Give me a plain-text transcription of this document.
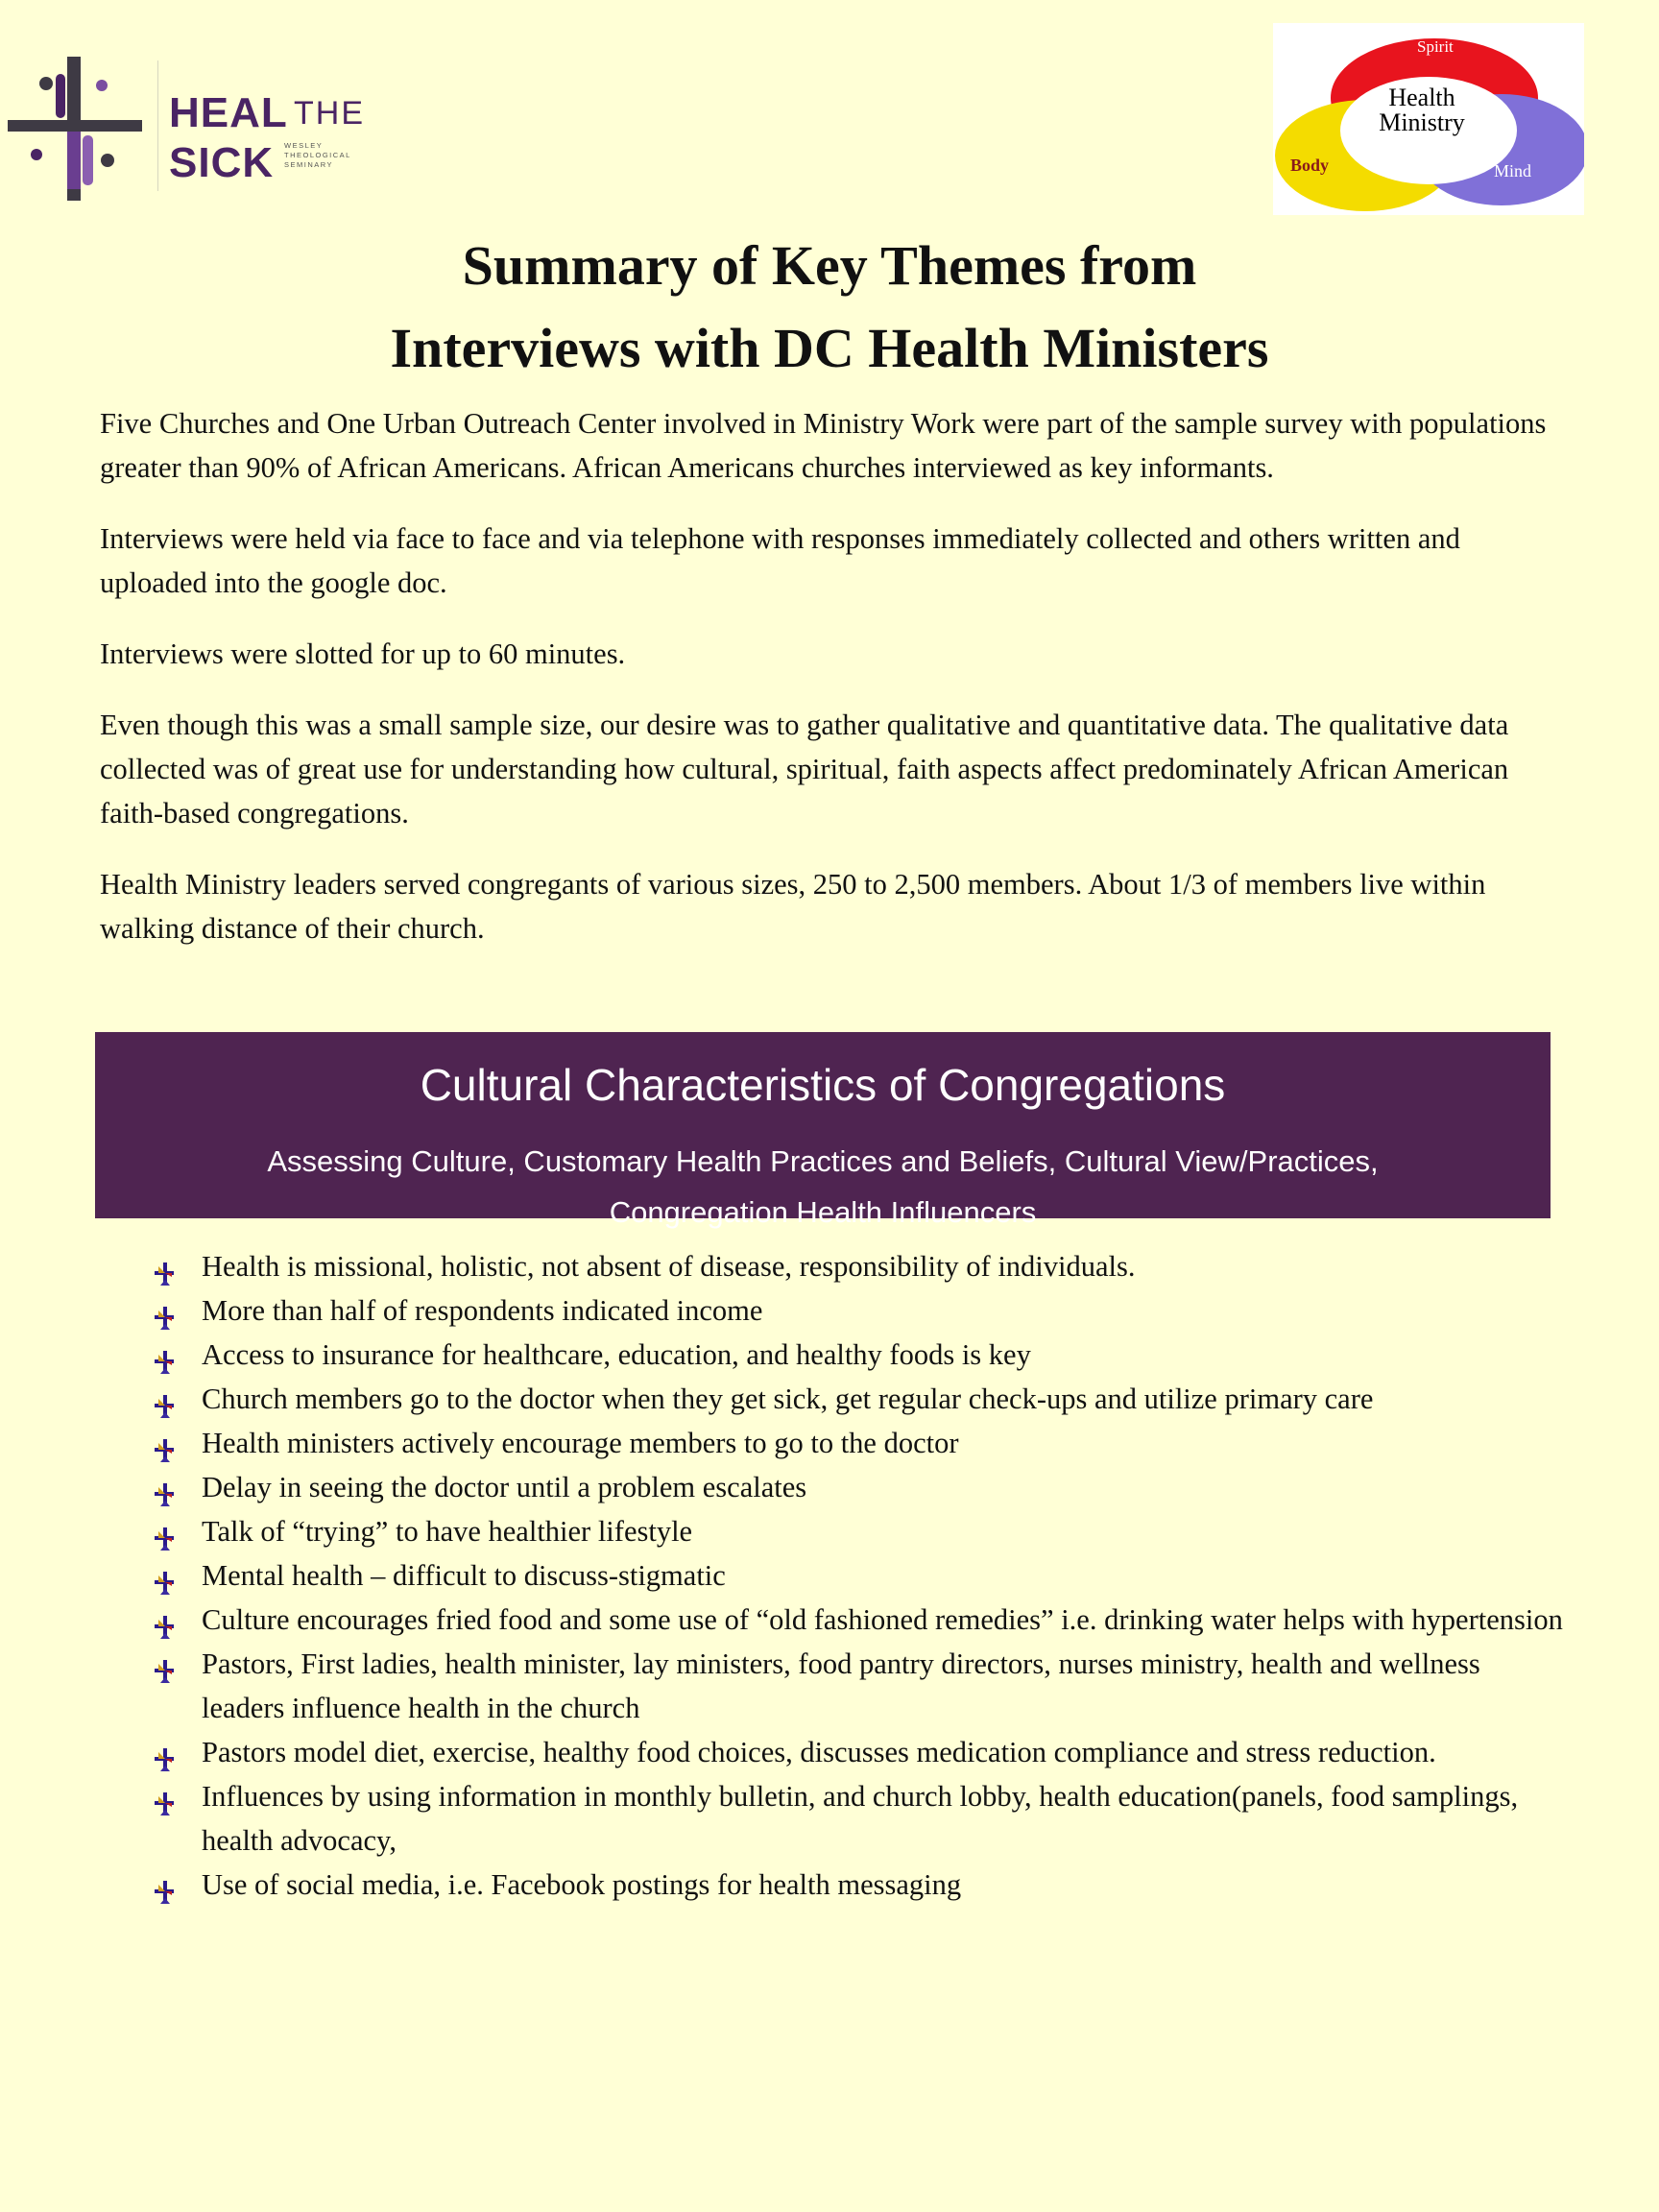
HEAL THE
SICK WESLEY
THEOLOGICAL
SEMINARY
Spirit
Health
Ministry
Body	Mind
Summary of Key Themes from
Interviews with DC Health Ministers

Five Churches and One Urban Outreach Center involved in Ministry Work were part of the sample survey with populations greater than 90% of African Americans. African Americans churches interviewed as key informants.

Interviews were held via face to face and via telephone with responses immediately collected and others written and uploaded into the google doc.

Interviews were slotted for up to 60 minutes.

Even though this was a small sample size, our desire was to gather qualitative and quantitative data. The qualitative data collected was of great use for understanding how cultural, spiritual, faith aspects affect predominately African American faith-based congregations.

Health Ministry leaders served congregants of various sizes, 250 to 2,500 members. About 1/3 of members live within walking distance of their church.

Cultural Characteristics of Congregations
Assessing Culture, Customary Health Practices and Beliefs, Cultural View/Practices, Congregation Health Influencers
Health is missional, holistic, not absent of disease, responsibility of individuals.
More than half of respondents indicated income
Access to insurance for healthcare, education, and healthy foods is key
Church members go to the doctor when they get sick, get regular check-ups and utilize primary care
Health ministers actively encourage members to go to the doctor
Delay in seeing the doctor until a problem escalates
Talk of “trying” to have healthier lifestyle
Mental health – difficult to discuss-stigmatic
Culture encourages fried food and some use of “old fashioned remedies” i.e. drinking water helps with hypertension
Pastors, First ladies, health minister, lay ministers, food pantry directors, nurses ministry, health and wellness leaders influence health in the church
Pastors model diet, exercise, healthy food choices, discusses medication compliance and stress reduction.
Influences by using information in monthly bulletin, and church lobby, health education(panels, food samplings, health advocacy,
Use of social media, i.e. Facebook postings for health messaging
